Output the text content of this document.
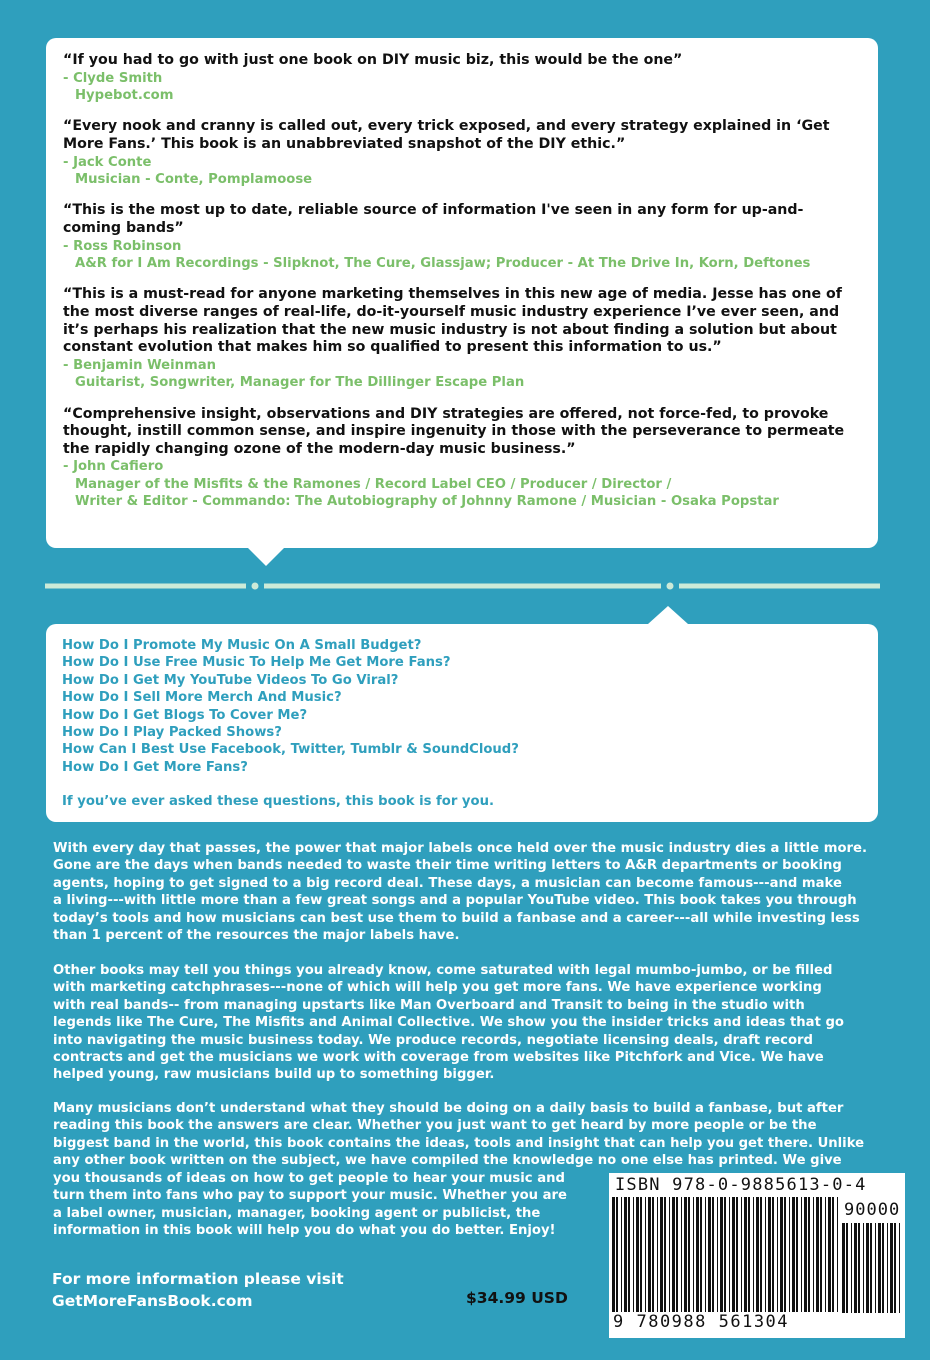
“If you had to go with just one book on DIY music biz, this would be the one”
- Clyde Smith
Hypebot.com
“Every nook and cranny is called out, every trick exposed, and every strategy explained in ‘Get More Fans.’ This book is an unabbreviated snapshot of the DIY ethic.”
- Jack Conte
Musician - Conte, Pomplamoose
“This is the most up to date, reliable source of information I've seen in any form for up-and-coming bands”
- Ross Robinson
A&R for I Am Recordings - Slipknot, The Cure, Glassjaw; Producer - At The Drive In, Korn, Deftones
“This is a must-read for anyone marketing themselves in this new age of media. Jesse has one of the most diverse ranges of real-life, do-it-yourself music industry experience I’ve ever seen, and it’s perhaps his realization that the new music industry is not about finding a solution but about constant evolution that makes him so qualified to present this information to us.”
- Benjamin Weinman
Guitarist, Songwriter, Manager for The Dillinger Escape Plan
“Comprehensive insight, observations and DIY strategies are offered, not force-fed, to provoke thought, instill common sense, and inspire ingenuity in those with the perseverance to permeate the rapidly changing ozone of the modern-day music business.”
- John Cafiero
Manager of the Misfits & the Ramones / Record Label CEO / Producer / Director /
Writer & Editor - Commando: The Autobiography of Johnny Ramone / Musician - Osaka Popstar
How Do I Promote My Music On A Small Budget?
How Do I Use Free Music To Help Me Get More Fans?
How Do I Get My YouTube Videos To Go Viral?
How Do I Sell More Merch And Music?
How Do I Get Blogs To Cover Me?
How Do I Play Packed Shows?
How Can I Best Use Facebook, Twitter, Tumblr & SoundCloud?
How Do I Get More Fans?
If you’ve ever asked these questions, this book is for you.
With every day that passes, the power that major labels once held over the music industry dies a little more.
Gone are the days when bands needed to waste their time writing letters to A&R departments or booking
agents, hoping to get signed to a big record deal. These days, a musician can become famous---and make
a living---with little more than a few great songs and a popular YouTube video. This book takes you through
today’s tools and how musicians can best use them to build a fanbase and a career---all while investing less
than 1 percent of the resources the major labels have.
Other books may tell you things you already know, come saturated with legal mumbo-jumbo, or be filled
with marketing catchphrases---none of which will help you get more fans. We have experience working
with real bands-- from managing upstarts like Man Overboard and Transit to being in the studio with
legends like The Cure, The Misfits and Animal Collective. We show you the insider tricks and ideas that go
into navigating the music business today. We produce records, negotiate licensing deals, draft record
contracts and get the musicians we work with coverage from websites like Pitchfork and Vice. We have
helped young, raw musicians build up to something bigger.
Many musicians don’t understand what they should be doing on a daily basis to build a fanbase, but after
reading this book the answers are clear. Whether you just want to get heard by more people or be the
biggest band in the world, this book contains the ideas, tools and insight that can help you get there. Unlike
any other book written on the subject, we have compiled the knowledge no one else has printed. We give
you thousands of ideas on how to get people to hear your music and
turn them into fans who pay to support your music. Whether you are
a label owner, musician, manager, booking agent or publicist, the
information in this book will help you do what you do better. Enjoy!
For more information please visit
GetMoreFansBook.com	$34.99 USD
ISBN 978-0-9885613-0-4
90000
9 780988 561304
